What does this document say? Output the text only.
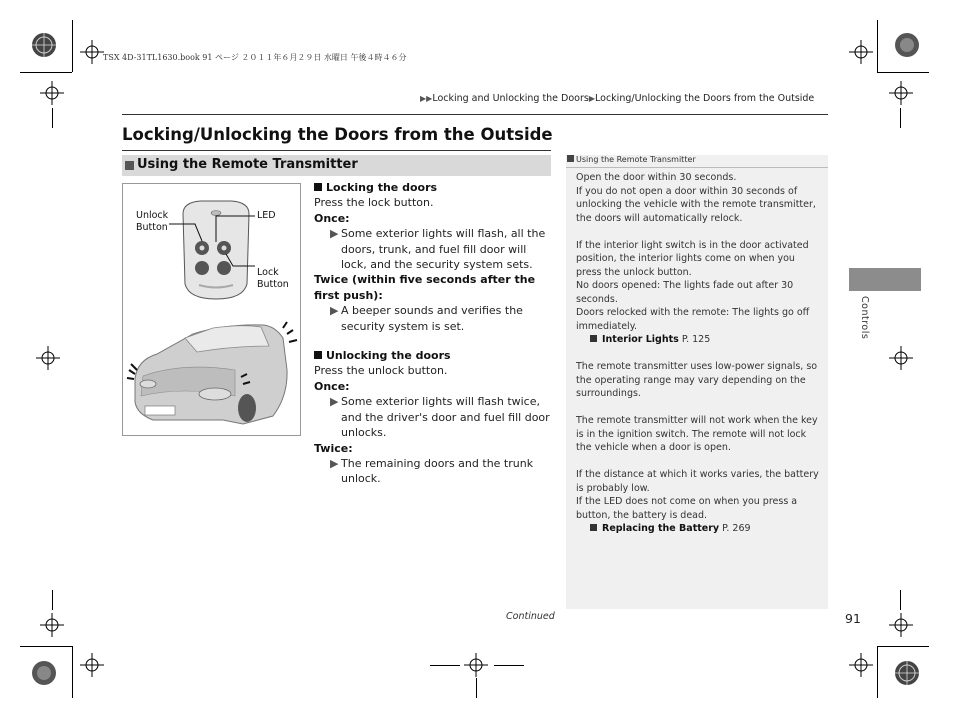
TSX 4D-31TL1630.book 91 ページ ２０１１年６月２９日 水曜日 午後４時４６分
▶▶Locking and Unlocking the Doors▶Locking/Unlocking the Doors from the Outside
Locking/Unlocking the Doors from the Outside
Using the Remote Transmitter
Unlock
Button
LED
Lock
Button
Locking the doors
Press the lock button.
Once:
▶ Some exterior lights will flash, all the doors, trunk, and fuel fill door will lock, and the security system sets.
Twice (within five seconds after the first push):
▶ A beeper sounds and verifies the security system is set.
Unlocking the doors
Press the unlock button.
Once:
▶ Some exterior lights will flash twice, and the driver's door and fuel fill door unlocks.
Twice:
▶ The remaining doors and the trunk unlock.
Using the Remote Transmitter

Open the door within 30 seconds.

If you do not open a door within 30 seconds of unlocking the vehicle with the remote transmitter, the doors will automatically relock.

If the interior light switch is in the door activated position, the interior lights come on when you press the unlock button.

No doors opened: The lights fade out after 30 seconds.

Doors relocked with the remote: The lights go off immediately.

Interior Lights P. 125

The remote transmitter uses low-power signals, so the operating range may vary depending on the surroundings.

The remote transmitter will not work when the key is in the ignition switch. The remote will not lock the vehicle when a door is open.

If the distance at which it works varies, the battery is probably low.

If the LED does not come on when you press a button, the battery is dead.

Replacing the Battery P. 269

Controls
Continued	91
